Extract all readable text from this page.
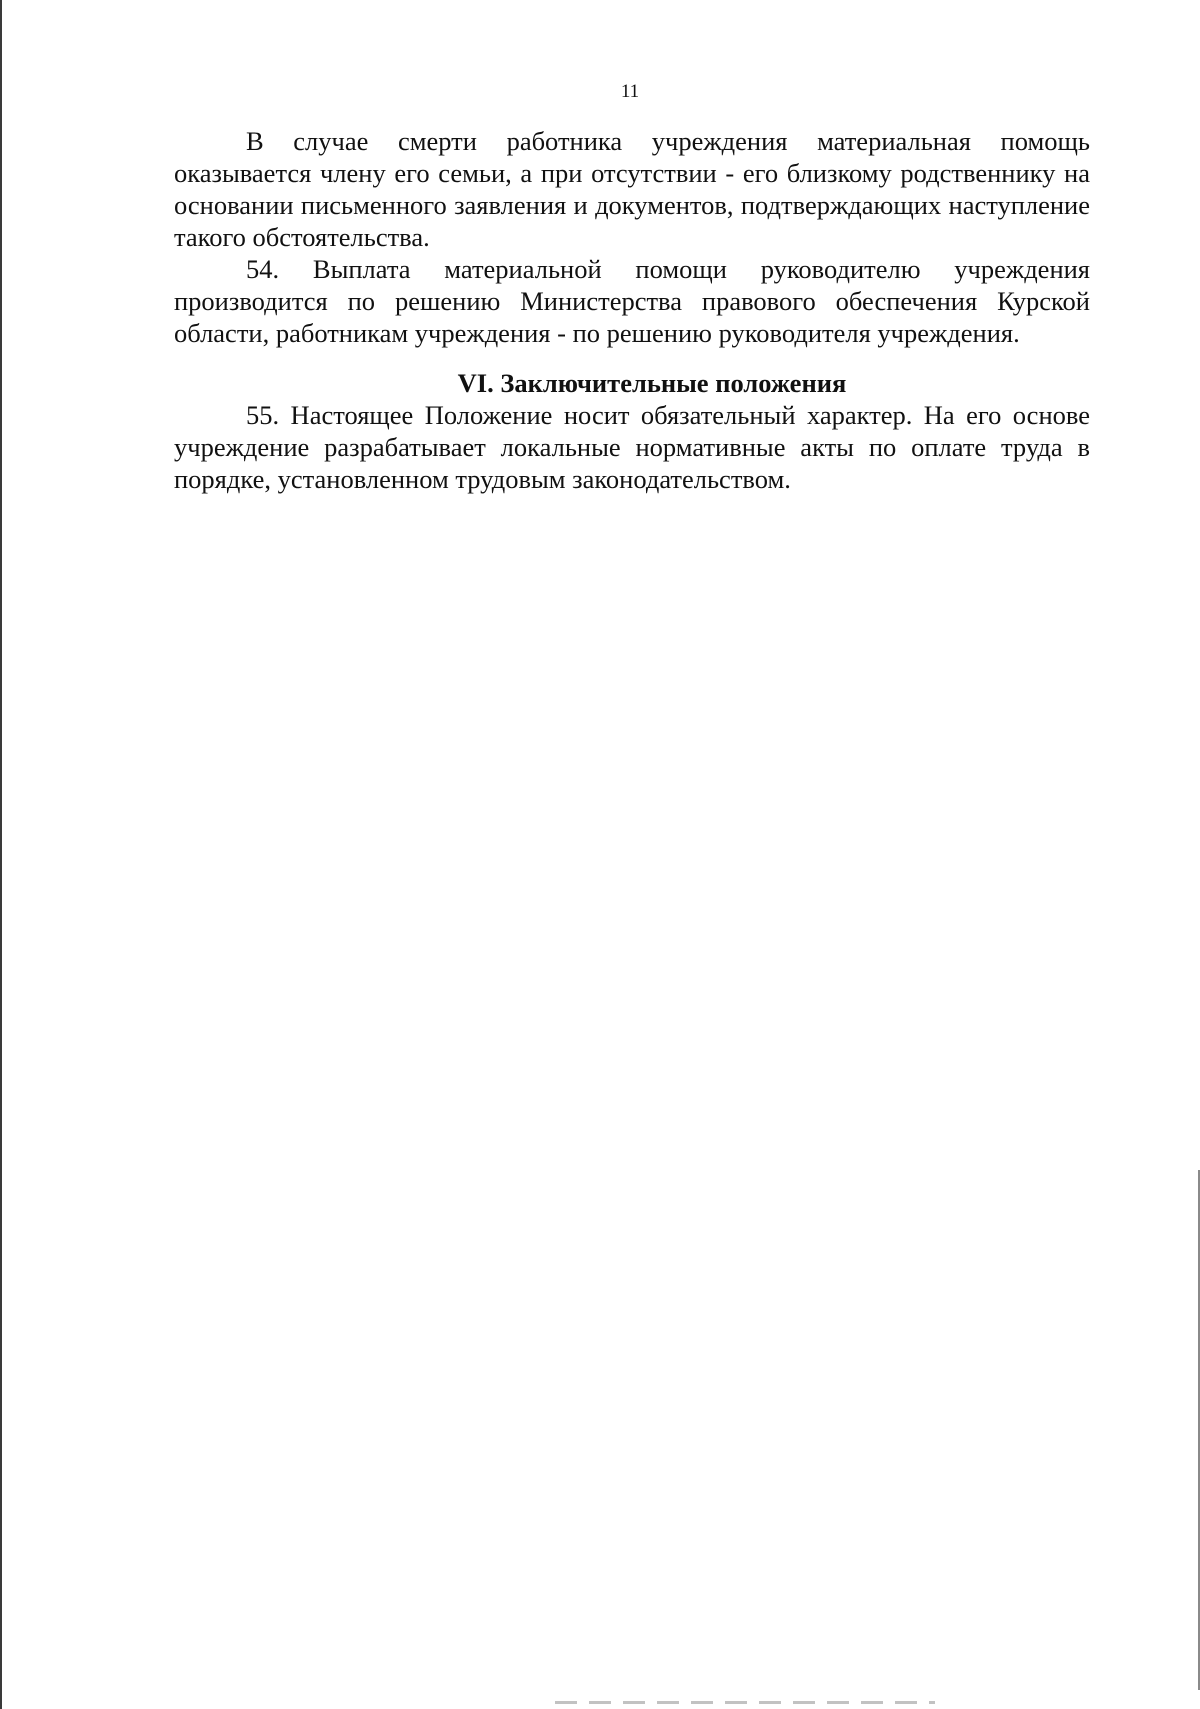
11

В случае смерти работника учреждения материальная помощь оказывается члену его семьи, а при отсутствии - его близкому родственнику на основании письменного заявления и документов, подтверждающих наступление такого обстоятельства.

54. Выплата материальной помощи руководителю учреждения производится по решению Министерства правового обеспечения Курской области, работникам учреждения - по решению руководителя учреждения.

VI. Заключительные положения

55. Настоящее Положение носит обязательный характер. На его основе учреждение разрабатывает локальные нормативные акты по оплате труда в порядке, установленном трудовым законодательством.
